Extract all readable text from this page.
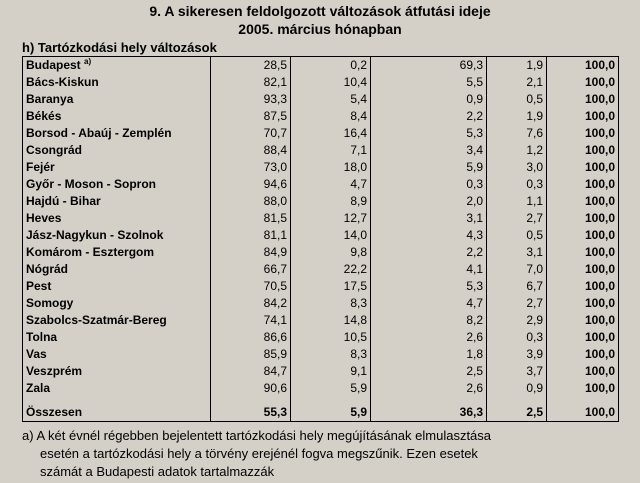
9. A sikeresen feldolgozott változások átfutási ideje
2005. március hónapban
h) Tartózkodási hely változások
Budapest $^{a)}$	28,5	0,2	69,3	1,9	100,0
Bács-Kiskun	82,1	10,4	5,5	2,1	100,0
Baranya	93,3	5,4	0,9	0,5	100,0
Békés	87,5	8,4	2,2	1,9	100,0
Borsod - Abaúj - Zemplén	70,7	16,4	5,3	7,6	100,0
Csongrád	88,4	7,1	3,4	1,2	100,0
Fejér	73,0	18,0	5,9	3,0	100,0
Győr - Moson - Sopron	94,6	4,7	0,3	0,3	100,0
Hajdú - Bihar	88,0	8,9	2,0	1,1	100,0
Heves	81,5	12,7	3,1	2,7	100,0
Jász-Nagykun - Szolnok	81,1	14,0	4,3	0,5	100,0
Komárom - Esztergom	84,9	9,8	2,2	3,1	100,0
Nógrád	66,7	22,2	4,1	7,0	100,0
Pest	70,5	17,5	5,3	6,7	100,0
Somogy	84,2	8,3	4,7	2,7	100,0
Szabolcs-Szatmár-Bereg	74,1	14,8	8,2	2,9	100,0
Tolna	86,6	10,5	2,6	0,3	100,0
Vas	85,9	8,3	1,8	3,9	100,0
Veszprém	84,7	9,1	2,5	3,7	100,0
Zala	90,6	5,9	2,6	0,9	100,0

Összesen	55,3	5,9	36,3	2,5	100,0
a) A két évnél régebben bejelentett tartózkodási hely megújításának elmulasztása
esetén a tartózkodási hely a törvény erejénél fogva megszűnik. Ezen esetek
számát a Budapesti adatok tartalmazzák
